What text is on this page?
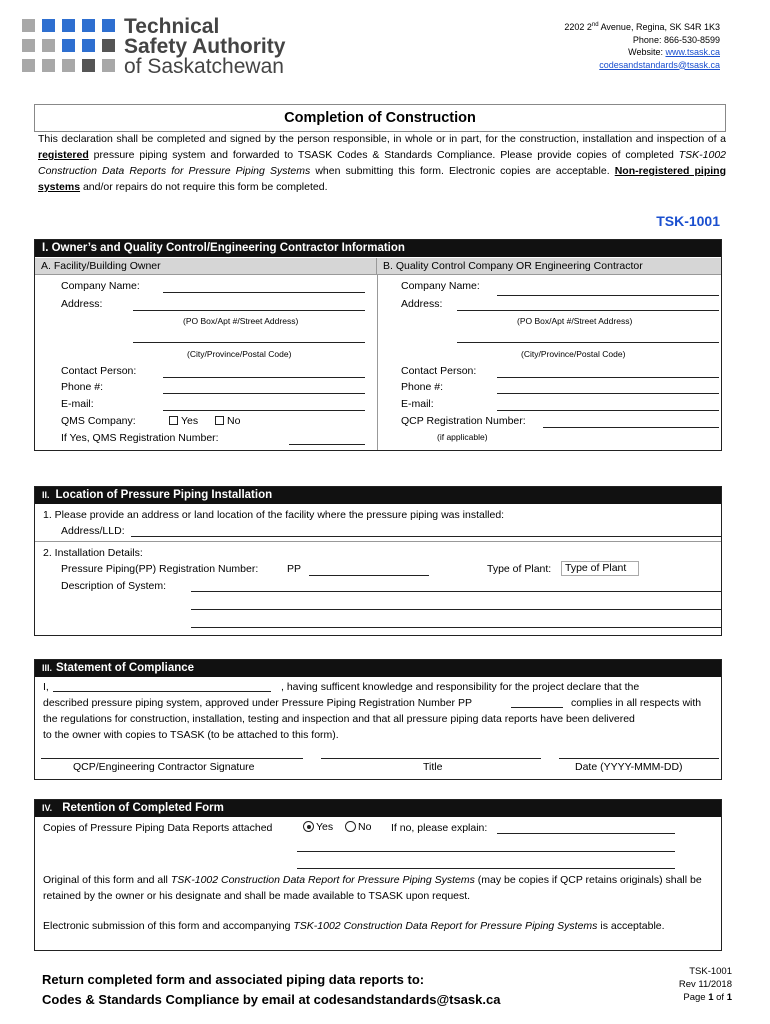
Technical
Safety Authority
of Saskatchewan
2202 2nd Avenue, Regina, SK S4R 1K3
Phone: 866-530-8599
Website: www.tsask.ca
codesandstandards@tsask.ca
Completion of Construction
This declaration shall be completed and signed by the person responsible, in whole or in part, for the construction, installation and inspection of a registered pressure piping system and forwarded to TSASK Codes & Standards Compliance. Please provide copies of completed TSK-1002 Construction Data Reports for Pressure Piping Systems when submitting this form. Electronic copies are acceptable. Non-registered piping systems and/or repairs do not require this form be completed.
TSK-1001
I. Owner’s and Quality Control/Engineering Contractor Information
A. Facility/Building Owner	B. Quality Control Company OR Engineering Contractor
Company Name:
Address:
(PO Box/Apt #/Street Address)
(City/Province/Postal Code)
Contact Person:
Phone #:
E-mail:
QMS Company:	Yes	No
If Yes, QMS Registration Number:
Company Name:
Address:
(PO Box/Apt #/Street Address)
(City/Province/Postal Code)
Contact Person:
Phone #:
E-mail:
QCP Registration Number:
(if applicable)
II. Location of Pressure Piping Installation
1. Please provide an address or land location of the facility where the pressure piping was installed:
Address/LLD:
2. Installation Details:
Pressure Piping(PP) Registration Number:	PP	Type of Plant:	Type of Plant
Description of System:
III. Statement of Compliance
I,	, having sufficent knowledge and responsibility for the project declare that the
described pressure piping system, approved under Pressure Piping Registration Number PP	complies in all respects with
the regulations for construction, installation, testing and inspection and that all pressure piping data reports have been delivered
to the owner with copies to TSASK (to be attached to this form).
QCP/Engineering Contractor Signature	Title	Date (YYYY-MMM-DD)
IV. Retention of Completed Form
Copies of Pressure Piping Data Reports attached	Yes	No If no, please explain:
Original of this form and all TSK-1002 Construction Data Report for Pressure Piping Systems (may be copies if QCP retains originals) shall be retained by the owner or his designate and shall be made available to TSASK upon request.
Electronic submission of this form and accompanying TSK-1002 Construction Data Report for Pressure Piping Systems is acceptable.
Return completed form and associated piping data reports to:
Codes & Standards Compliance by email at codesandstandards@tsask.ca
TSK-1001
Rev 11/2018
Page 1 of 1
